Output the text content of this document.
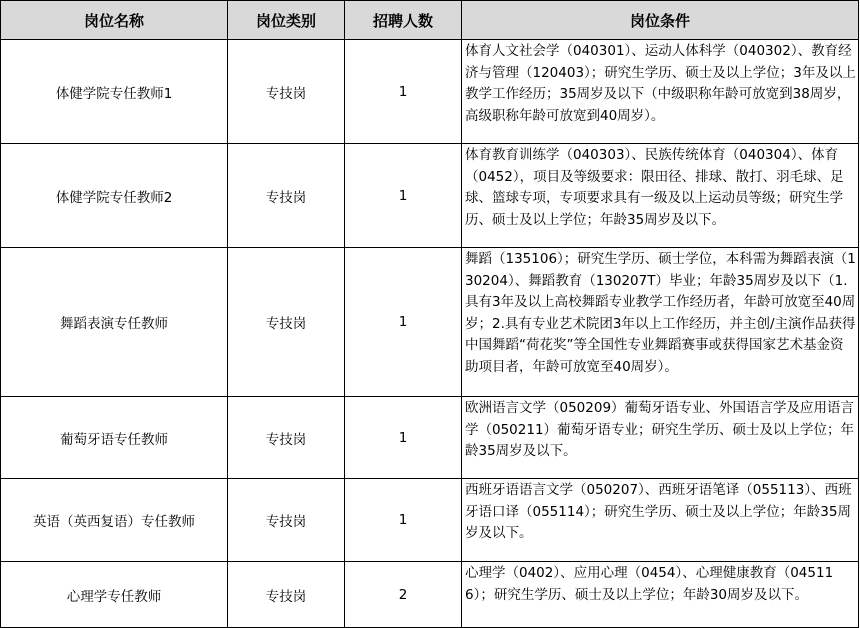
岗位名称	岗位类别	招聘人数	岗位条件
体健学院专任教师1	专技岗	1	体育人文社会学（040301）、运动人体科学（040302）、教育经济与管理（120403）；研究生学历、硕士及以上学位；3年及以上教学工作经历；35周岁及以下（中级职称年龄可放宽到38周岁，高级职称年龄可放宽到40周岁）。
体健学院专任教师2	专技岗	1	体育教育训练学（040303）、民族传统体育（040304）、体育（0452），项目及等级要求：限田径、排球、散打、羽毛球、足球、篮球专项，专项要求具有一级及以上运动员等级；研究生学历、硕士及以上学位；年龄35周岁及以下。
舞蹈表演专任教师	专技岗	1	舞蹈（135106）；研究生学历、硕士学位，本科需为舞蹈表演（130204）、舞蹈教育（130207T）毕业；年龄35周岁及以下（1.具有3年及以上高校舞蹈专业教学工作经历者，年龄可放宽至40周岁；2.具有专业艺术院团3年以上工作经历，并主创/主演作品获得中国舞蹈“荷花奖”等全国性专业舞蹈赛事或获得国家艺术基金资助项目者，年龄可放宽至40周岁）。

葡萄牙语专任教师	专技岗	1	欧洲语言文学（050209）葡萄牙语专业、外国语言学及应用语言学（050211）葡萄牙语专业；研究生学历、硕士及以上学位；年龄35周岁及以下。
英语（英西复语）专任教师	专技岗	1	西班牙语语言文学（050207）、西班牙语笔译（055113）、西班牙语口译（055114）；研究生学历、硕士及以上学位；年龄35周岁及以下。
心理学专任教师	专技岗	2	心理学（0402）、应用心理（0454）、心理健康教育（045116）；研究生学历、硕士及以上学位；年龄30周岁及以下。
